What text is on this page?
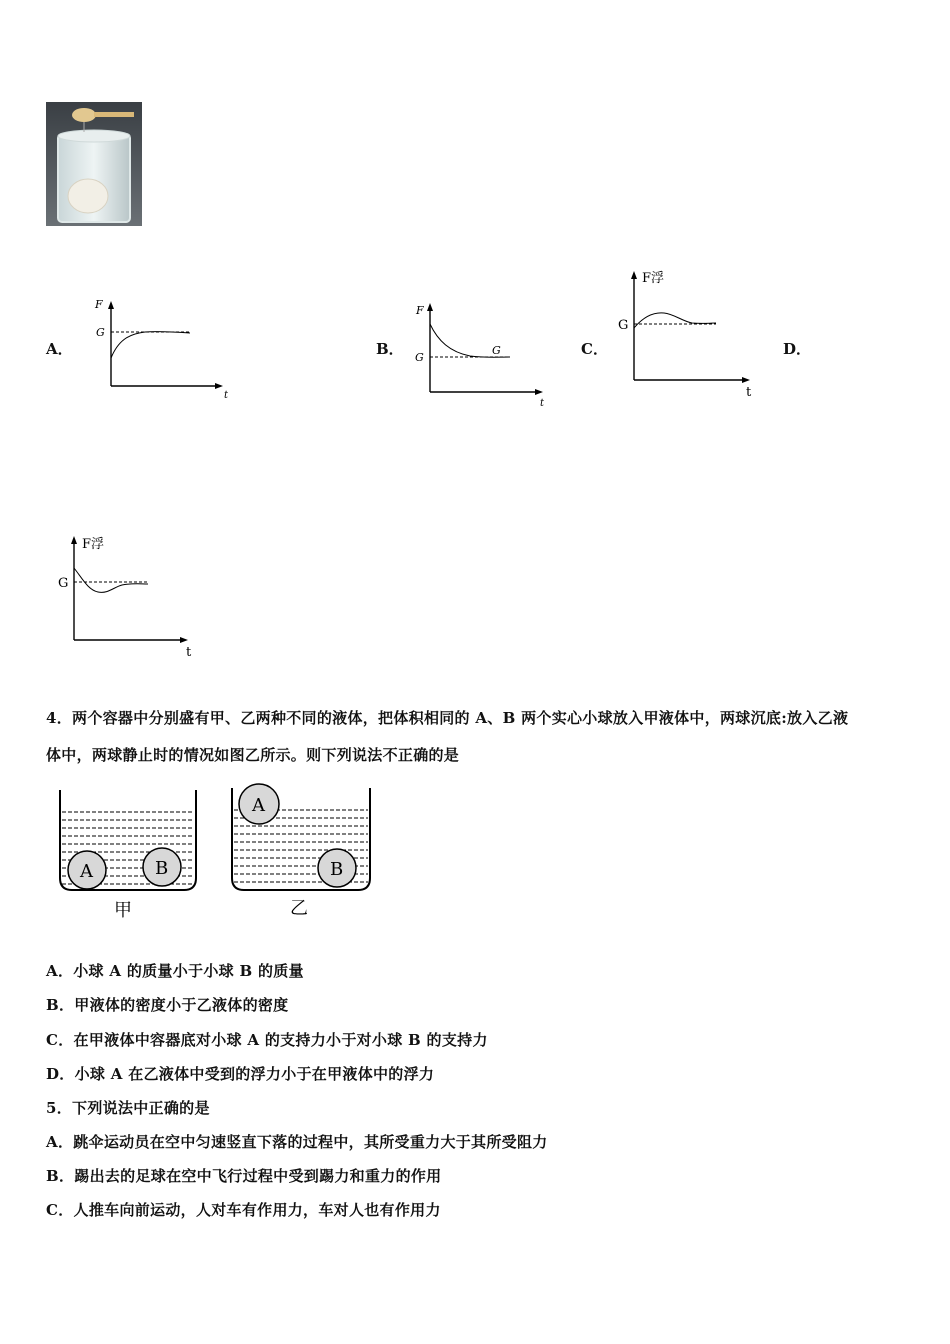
A．
F
G
t
B．
F
G
G
t
C．
F浮
G
t
D．
F浮
G
t
4．两个容器中分别盛有甲、乙两种不同的液体，把体积相同的 A、B 两个实心小球放入甲液体中，两球沉底:放入乙液
体中，两球静止时的情况如图乙所示。则下列说法不正确的是
A	B
甲
A
B
乙
A．小球 A 的质量小于小球 B 的质量
B．甲液体的密度小于乙液体的密度
C．在甲液体中容器底对小球 A 的支持力小于对小球 B 的支持力
D．小球 A 在乙液体中受到的浮力小于在甲液体中的浮力
5．下列说法中正确的是
A．跳伞运动员在空中匀速竖直下落的过程中，其所受重力大于其所受阻力
B．踢出去的足球在空中飞行过程中受到踢力和重力的作用
C．人推车向前运动，人对车有作用力，车对人也有作用力
